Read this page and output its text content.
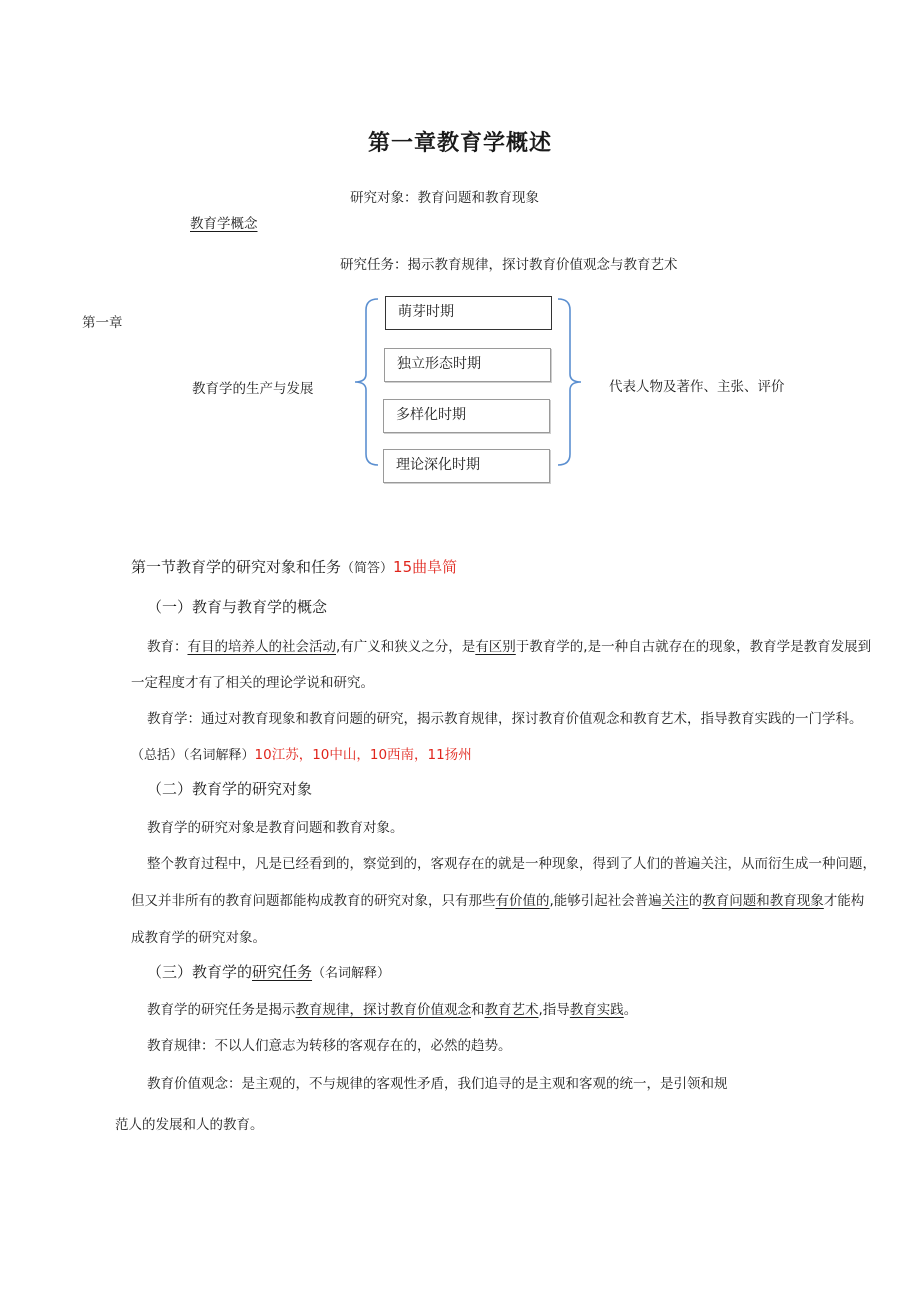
第一章教育学概述
研究对象：教育问题和教育现象
教育学概念
研究任务：揭示教育规律，探讨教育价值观念与教育艺术
第一章
教育学的生产与发展	代表人物及著作、主张、评价
萌芽时期
独立形态时期
多样化时期
理论深化时期
第一节教育学的研究对象和任务（简答）15曲阜简
（一）教育与教育学的概念
教育：有目的培养人的社会活动,有广义和狭义之分，是有区别于教育学的,是一种自古就存在的现象，教育学是教育发展到
一定程度才有了相关的理论学说和研究。
教育学：通过对教育现象和教育问题的研究，揭示教育规律，探讨教育价值观念和教育艺术，指导教育实践的一门学科。
（总括）（名词解释）10江苏，10中山，10西南，11扬州
（二）教育学的研究对象
教育学的研究对象是教育问题和教育对象。
整个教育过程中，凡是已经看到的，察觉到的，客观存在的就是一种现象，得到了人们的普遍关注，从而衍生成一种问题，
但又并非所有的教育问题都能构成教育的研究对象，只有那些有价值的,能够引起社会普遍关注的教育问题和教育现象才能构
成教育学的研究对象。
（三）教育学的研究任务（名词解释）
教育学的研究任务是揭示教育规律，探讨教育价值观念和教育艺术,指导教育实践。
教育规律：不以人们意志为转移的客观存在的，必然的趋势。
教育价值观念：是主观的，不与规律的客观性矛盾，我们追寻的是主观和客观的统一，是引领和规
范人的发展和人的教育。
